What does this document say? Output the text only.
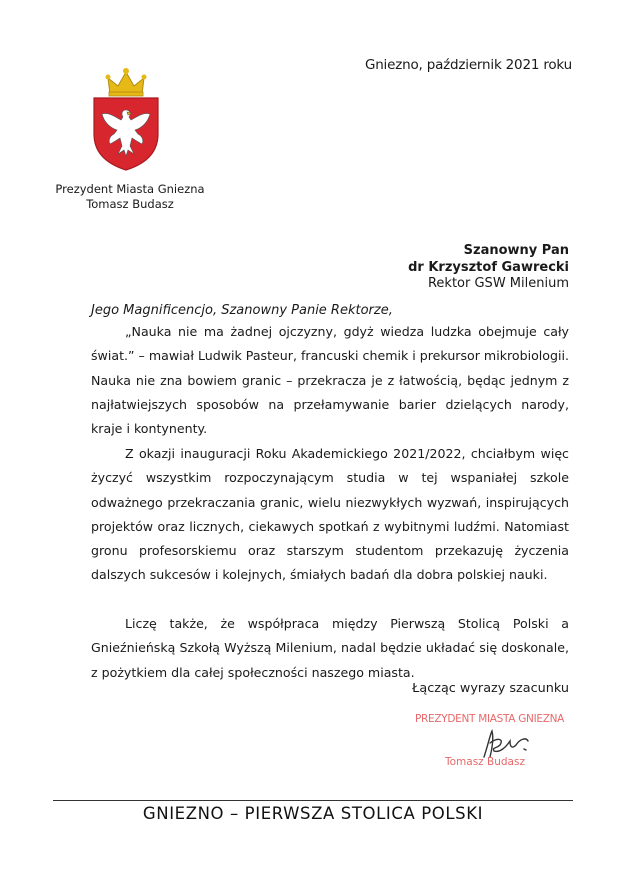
Gniezno, październik 2021 roku
Prezydent Miasta Gniezna
Tomasz Budasz
Szanowny Pan
dr Krzysztof Gawrecki
Rektor GSW Milenium
Jego Magnificencjo, Szanowny Panie Rektorze,
„Nauka nie ma żadnej ojczyzny, gdyż wiedza ludzka obejmuje cały świat.” – mawiał Ludwik Pasteur, francuski chemik i prekursor mikrobiologii. Nauka nie zna bowiem granic – przekracza je z łatwością, będąc jednym z najłatwiejszych sposobów na przełamywanie barier dzielących narody, kraje i kontynenty.
Z okazji inauguracji Roku Akademickiego 2021/2022, chciałbym więc życzyć wszystkim rozpoczynającym studia w tej wspaniałej szkole odważnego przekraczania granic, wielu niezwykłych wyzwań, inspirujących projektów oraz licznych, ciekawych spotkań z wybitnymi ludźmi. Natomiast gronu profesorskiemu oraz starszym studentom przekazuję życzenia dalszych sukcesów i kolejnych, śmiałych badań dla dobra polskiej nauki.
Liczę także, że współpraca między Pierwszą Stolicą Polski a Gnieźnieńską Szkołą Wyższą Milenium, nadal będzie układać się doskonale, z pożytkiem dla całej społeczności naszego miasta.
Łącząc wyrazy szacunku
PREZYDENT MIASTA GNIEZNA
Tomasz Budasz
GNIEZNO – PIERWSZA STOLICA POLSKI
